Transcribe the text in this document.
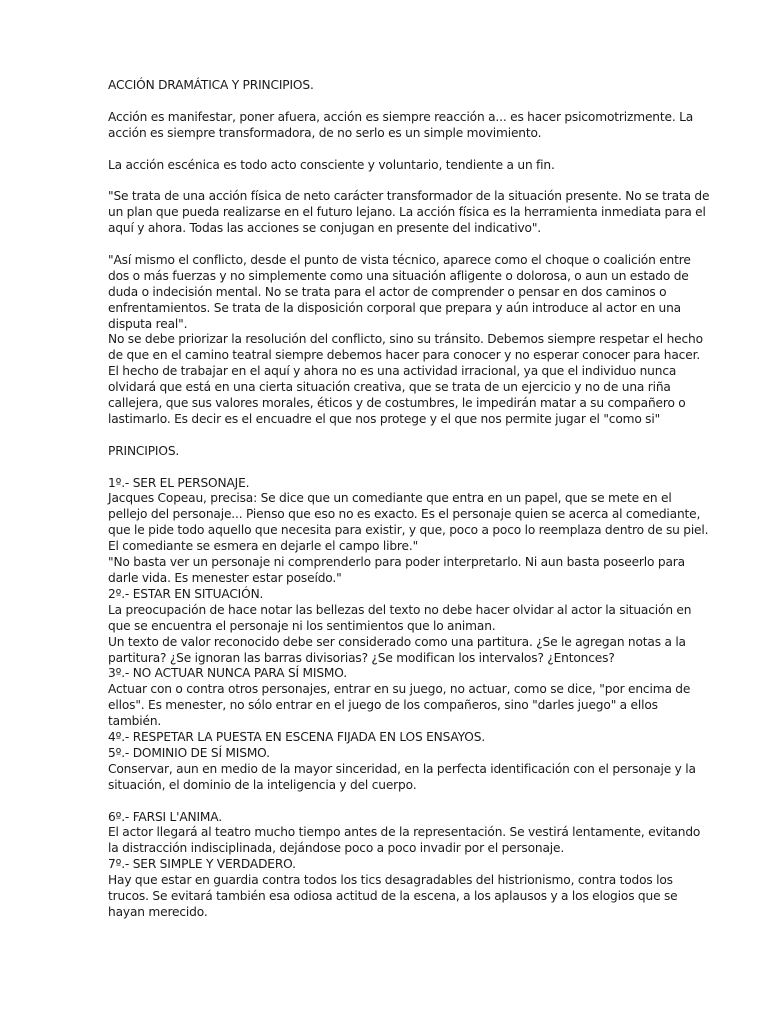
ACCIÓN DRAMÁTICA Y PRINCIPIOS.

Acción es manifestar, poner afuera, acción es siempre reacción a... es hacer psicomotrizmente. La
acción es siempre transformadora, de no serlo es un simple movimiento.

La acción escénica es todo acto consciente y voluntario, tendiente a un fin.

"Se trata de una acción física de neto carácter transformador de la situación presente. No se trata de
un plan que pueda realizarse en el futuro lejano. La acción física es la herramienta inmediata para el
aquí y ahora. Todas las acciones se conjugan en presente del indicativo".

"Así mismo el conflicto, desde el punto de vista técnico, aparece como el choque o coalición entre
dos o más fuerzas y no simplemente como una situación afligente o dolorosa, o aun un estado de
duda o indecisión mental. No se trata para el actor de comprender o pensar en dos caminos o
enfrentamientos. Se trata de la disposición corporal que prepara y aún introduce al actor en una
disputa real".
No se debe priorizar la resolución del conflicto, sino su tránsito. Debemos siempre respetar el hecho
de que en el camino teatral siempre debemos hacer para conocer y no esperar conocer para hacer.
El hecho de trabajar en el aquí y ahora no es una actividad irracional, ya que el individuo nunca
olvidará que está en una cierta situación creativa, que se trata de un ejercicio y no de una riña
callejera, que sus valores morales, éticos y de costumbres, le impedirán matar a su compañero o
lastimarlo. Es decir es el encuadre el que nos protege y el que nos permite jugar el "como si"

PRINCIPIOS.

1º.- SER EL PERSONAJE.
Jacques Copeau, precisa: Se dice que un comediante que entra en un papel, que se mete en el
pellejo del personaje... Pienso que eso no es exacto. Es el personaje quien se acerca al comediante,
que le pide todo aquello que necesita para existir, y que, poco a poco lo reemplaza dentro de su piel.
El comediante se esmera en dejarle el campo libre."
"No basta ver un personaje ni comprenderlo para poder interpretarlo. Ni aun basta poseerlo para
darle vida. Es menester estar poseído."
2º.- ESTAR EN SITUACIÓN.
La preocupación de hace notar las bellezas del texto no debe hacer olvidar al actor la situación en
que se encuentra el personaje ni los sentimientos que lo animan.
Un texto de valor reconocido debe ser considerado como una partitura. ¿Se le agregan notas a la
partitura? ¿Se ignoran las barras divisorias? ¿Se modifican los intervalos? ¿Entonces?
3º.- NO ACTUAR NUNCA PARA SÍ MISMO.
Actuar con o contra otros personajes, entrar en su juego, no actuar, como se dice, "por encima de
ellos". Es menester, no sólo entrar en el juego de los compañeros, sino "darles juego" a ellos
también.
4º.- RESPETAR LA PUESTA EN ESCENA FIJADA EN LOS ENSAYOS.
5º.- DOMINIO DE SÍ MISMO.
Conservar, aun en medio de la mayor sinceridad, en la perfecta identificación con el personaje y la
situación, el dominio de la inteligencia y del cuerpo.

6º.- FARSI L'ANIMA.
El actor llegará al teatro mucho tiempo antes de la representación. Se vestirá lentamente, evitando
la distracción indisciplinada, dejándose poco a poco invadir por el personaje.
7º.- SER SIMPLE Y VERDADERO.
Hay que estar en guardia contra todos los tics desagradables del histrionismo, contra todos los
trucos. Se evitará también esa odiosa actitud de la escena, a los aplausos y a los elogios que se
hayan merecido.
